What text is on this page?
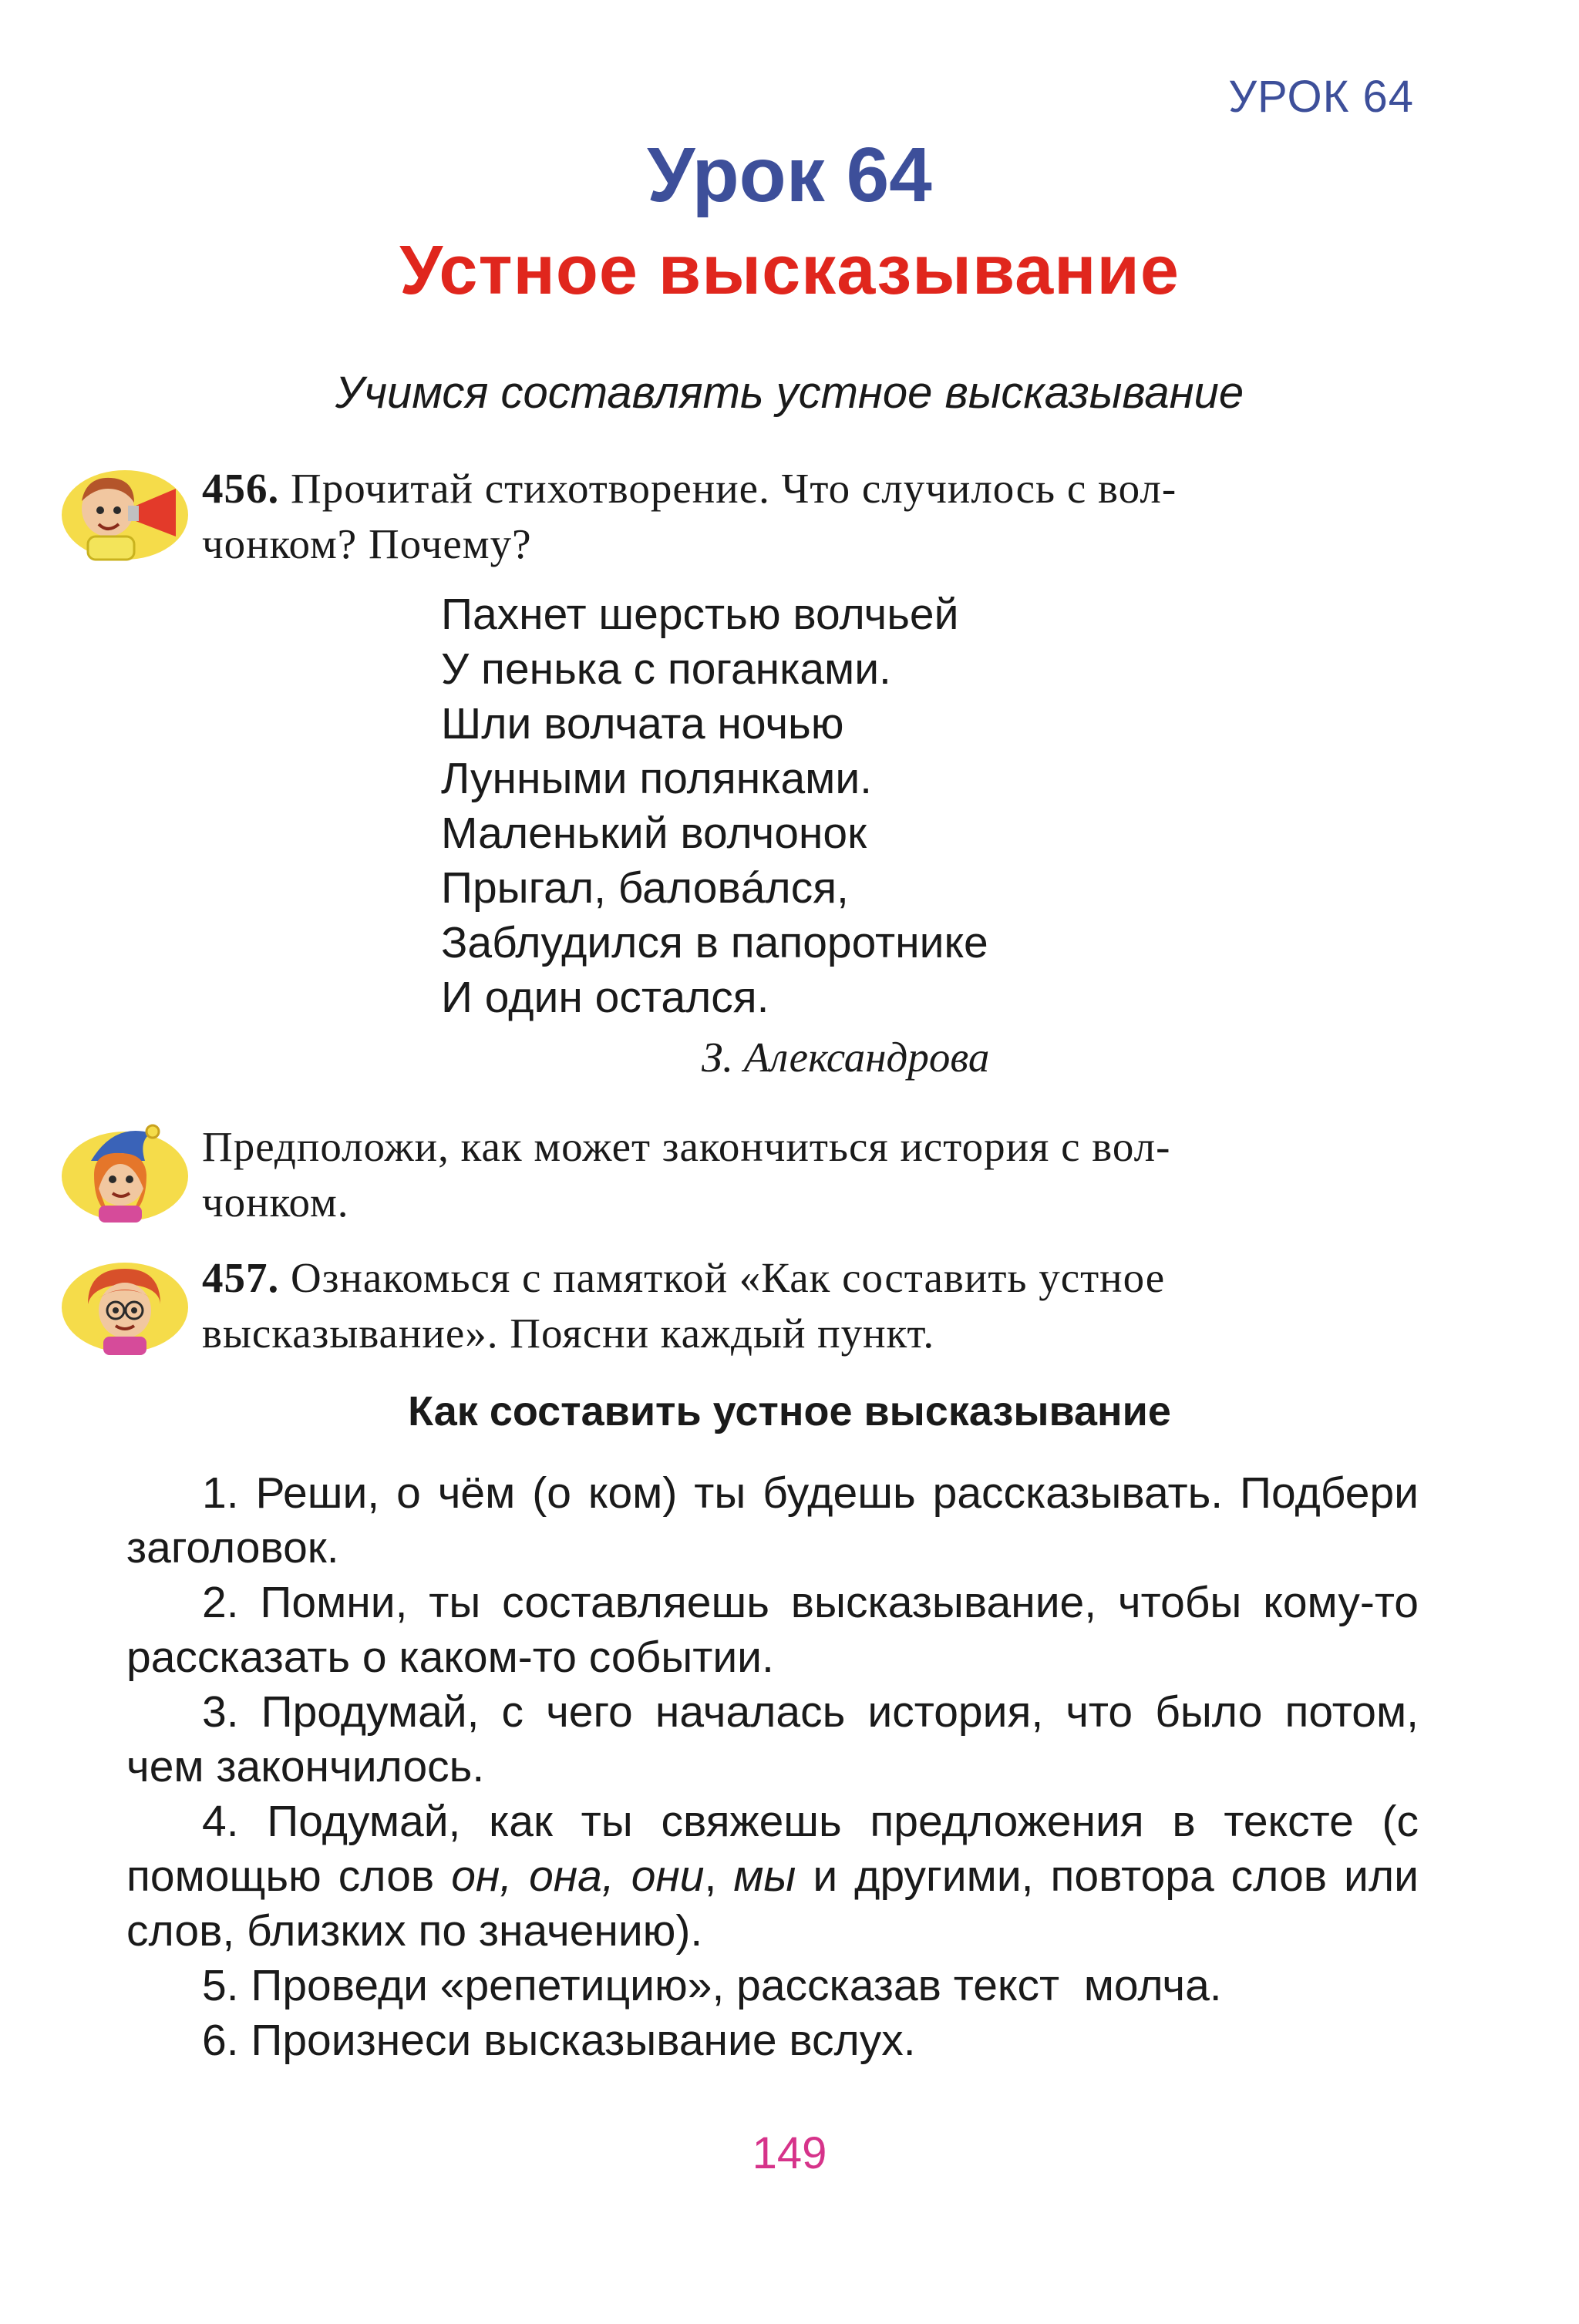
УРОК 64
Урок 64
Устное высказывание
Учимся составлять устное высказывание
456. Прочитай стихотворение. Что случилось с вол-
чонком? Почему?
Пахнет шерстью волчьей
У пенька с поганками.
Шли волчата ночью
Лунными полянками.
Маленький волчонок
Прыгал, баловáлся,
Заблудился в папоротнике
И один остался.
З. Александрова
Предположи, как может закончиться история с вол-
чонком.
457. Ознакомься с памяткой «Как составить устное
высказывание». Поясни каждый пункт.
Как составить устное высказывание

1. Реши, о чём (о ком) ты будешь рассказывать. Подбери заголовок.

2. Помни, ты составляешь высказывание, чтобы кому-то рассказать о каком-то событии.

3. Продумай, с чего началась история, что было потом, чем закончилось.

4. Подумай, как ты свяжешь предложения в тексте (с помощью слов он, она, они, мы и другими, повтора слов или слов, близких по значению).

5. Проведи «репетицию», рассказав текст  молча.

6. Произнеси высказывание вслух.

149
